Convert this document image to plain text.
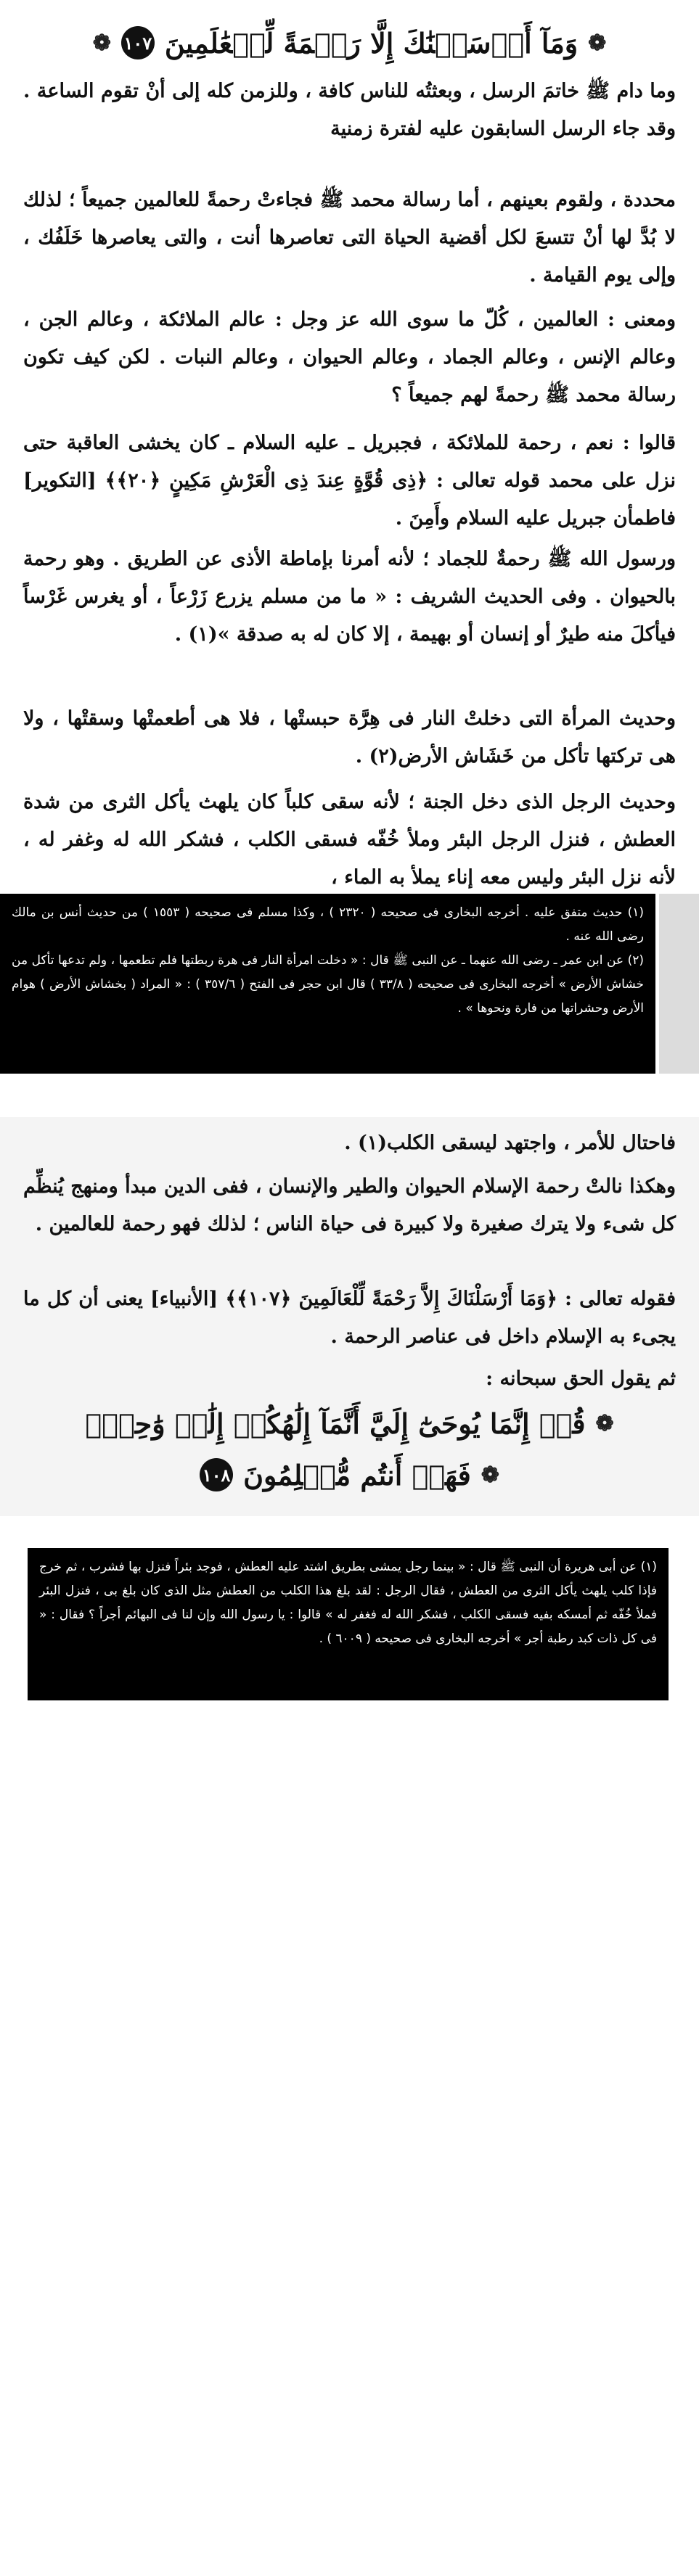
❁
وَمَآ أَرۡسَلۡنَٰكَ إِلَّا رَحۡمَةً لِّلۡعَٰلَمِينَ
١٠٧
❁

وما دام ﷺ خاتمَ الرسل ، وبعثتُه للناس كافة ، وللزمن كله إلى أنْ تقوم الساعة . وقد جاء الرسل السابقون عليه لفترة زمنية

محددة ، ولقوم بعينهم ، أما رسالة محمد ﷺ فجاءتْ رحمةً للعالمين جميعاً ؛ لذلك لا بُدَّ لها أنْ تتسعَ لكل أقضية الحياة التى تعاصرها أنت ، والتى يعاصرها خَلَفُك ، وإلى يوم القيامة .

ومعنى : العالمين ، كُلّ ما سوى الله عز وجل : عالم الملائكة ، وعالم الجن ، وعالم الإنس ، وعالم الجماد ، وعالم الحيوان ، وعالم النبات . لكن كيف تكون رسالة محمد ﷺ رحمةً لهم جميعاً ؟

قالوا : نعم ، رحمة للملائكة ، فجبريل ـ عليه السلام ـ كان يخشى العاقبة حتى نزل على محمد قوله تعالى : ﴿ذِى قُوَّةٍ عِندَ ذِى الْعَرْشِ مَكِينٍ ﴿٢٠﴾﴾ [التكوير] فاطمأن جبريل عليه السلام وأَمِنَ .

ورسول الله ﷺ رحمةٌ للجماد ؛ لأنه أمرنا بإماطة الأذى عن الطريق . وهو رحمة بالحيوان . وفى الحديث الشريف : « ما من مسلم يزرع زَرْعاً ، أو يغرس غَرْساً فيأكلَ منه طيرٌ أو إنسان أو بهيمة ، إلا كان له به صدقة »(١) .

وحديث المرأة التى دخلتْ النار فى هِرَّة حبستْها ، فلا هى أطعمتْها وسقتْها ، ولا هى تركتها تأكل من خَشَاش الأرض(٢) .

وحديث الرجل الذى دخل الجنة ؛ لأنه سقى كلباً كان يلهث يأكل الثرى من شدة العطش ، فنزل الرجل البئر وملأ خُفّه فسقى الكلب ، فشكر الله له وغفر له ، لأنه نزل البئر وليس معه إناء يملأ به الماء ،

(١) حديث متفق عليه . أخرجه البخارى فى صحيحه ( ٢٣٢٠ ) ، وكذا مسلم فى صحيحه ( ١٥٥٣ ) من حديث أنس بن مالك رضى الله عنه .

(٢) عن ابن عمر ـ رضى الله عنهما ـ عن النبى ﷺ قال : « دخلت امرأة النار فى هرة ربطتها فلم تطعمها ، ولم تدعها تأكل من خشاش الأرض » أخرجه البخارى فى صحيحه ( ٣٣/٨ ) قال ابن حجر فى الفتح ( ٣٥٧/٦ ) : « المراد ( بخشاش الأرض ) هوام الأرض وحشراتها من فارة ونحوها » .

فاحتال للأمر ، واجتهد ليسقى الكلب(١) .

وهكذا نالتْ رحمة الإسلام الحيوان والطير والإنسان ، ففى الدين مبدأ ومنهج يُنظِّم كل شىء ولا يترك صغيرة ولا كبيرة فى حياة الناس ؛ لذلك فهو رحمة للعالمين .

فقوله تعالى : ﴿وَمَا أَرْسَلْنَاكَ إِلاَّ رَحْمَةً لِّلْعَالَمِينَ ﴿١٠٧﴾﴾ [الأنبياء] يعنى أن كل ما يجىء به الإسلام داخل فى عناصر الرحمة .

ثم يقول الحق سبحانه :

❁
قُلۡ إِنَّمَا يُوحَىٰٓ إِلَيَّ أَنَّمَآ إِلَٰهُكُمۡ إِلَٰهٞ وَٰحِدٞۖ
❁
فَهَلۡ أَنتُم مُّسۡلِمُونَ
١٠٨

(١) عن أبى هريرة أن النبى ﷺ قال : « بينما رجل يمشى بطريق اشتد عليه العطش ، فوجد بئراً فنزل بها فشرب ، ثم خرج فإذا كلب يلهث يأكل الثرى من العطش ، فقال الرجل : لقد بلغ هذا الكلب من العطش مثل الذى كان بلغ بى ، فنزل البئر فملأ خُفّه ثم أمسكه بفيه فسقى الكلب ، فشكر الله له فغفر له » قالوا : يا رسول الله وإن لنا فى البهائم أجراً ؟ فقال : « فى كل ذات كبد رطبة أجر » أخرجه البخارى فى صحيحه ( ٦٠٠٩ ) .
